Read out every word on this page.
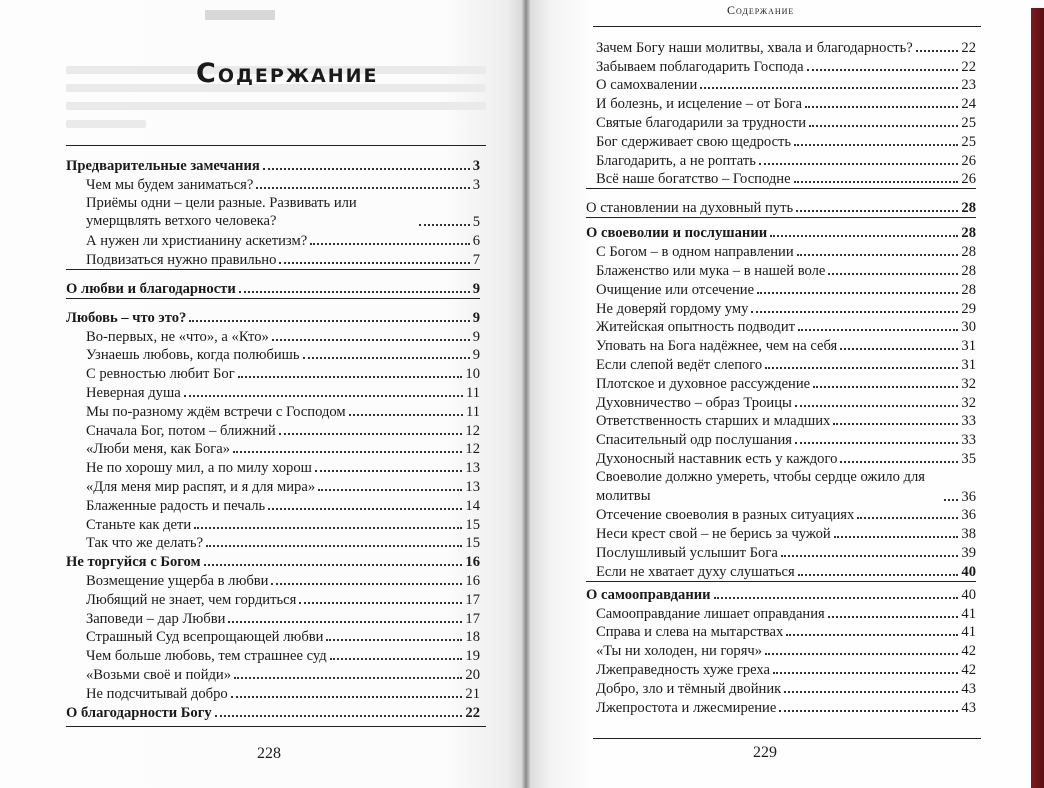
Содержание
Предварительные замечания	3
Чем мы будем заниматься?	3
Приёмы одни – цели разные. Развивать или умерщвлять ветхого человека?	5
А нужен ли христианину аскетизм?	6
Подвизаться нужно правильно	7
О любви и благодарности	9
Любовь – что это?	9
Во-первых, не «что», а «Кто»	9
Узнаешь любовь, когда полюбишь	9
С ревностью любит Бог	10
Неверная душа	11
Мы по-разному ждём встречи с Господом	11
Сначала Бог, потом – ближний	12
«Люби меня, как Бога»	12
Не по хорошу мил, а по милу хорош	13
«Для меня мир распят, и я для мира»	13
Блаженные радость и печаль	14
Станьте как дети	15
Так что же делать?	15
Не торгуйся с Богом	16
Возмещение ущерба в любви	16
Любящий не знает, чем гордиться	17
Заповеди – дар Любви	17
Страшный Суд всепрощающей любви	18
Чем больше любовь, тем страшнее суд	19
«Возьми своё и пойди»	20
Не подсчитывай добро	21
О благодарности Богу	22
228
Содержание
Зачем Богу наши молитвы, хвала и благодарность?	22
Забываем поблагодарить Господа	22
О самохвалении	23
И болезнь, и исцеление – от Бога	24
Святые благодарили за трудности	25
Бог сдерживает свою щедрость	25
Благодарить, а не роптать	26
Всё наше богатство – Господне	26
О становлении на духовный путь	28
О своеволии и послушании	28
С Богом – в одном направлении	28
Блаженство или мука – в нашей воле	28
Очищение или отсечение	28
Не доверяй гордому уму	29
Житейская опытность подводит	30
Уповать на Бога надёжнее, чем на себя	31
Если слепой ведёт слепого	31
Плотское и духовное рассуждение	32
Духовничество – образ Троицы	32
Ответственность старших и младших	33
Спасительный одр послушания	33
Духоносный наставник есть у каждого	35
Своеволие должно умереть, чтобы сердце ожило для молитвы	36
Отсечение своеволия в разных ситуациях	36
Неси крест свой – не берись за чужой	38
Послушливый услышит Бога	39
Если не хватает духу слушаться	40
О самооправдании	40
Самооправдание лишает оправдания	41
Справа и слева на мытарствах	41
«Ты ни холоден, ни горяч»	42
Лжеправедность хуже греха	42
Добро, зло и тёмный двойник	43
Лжепростота и лжесмирение	43
229
